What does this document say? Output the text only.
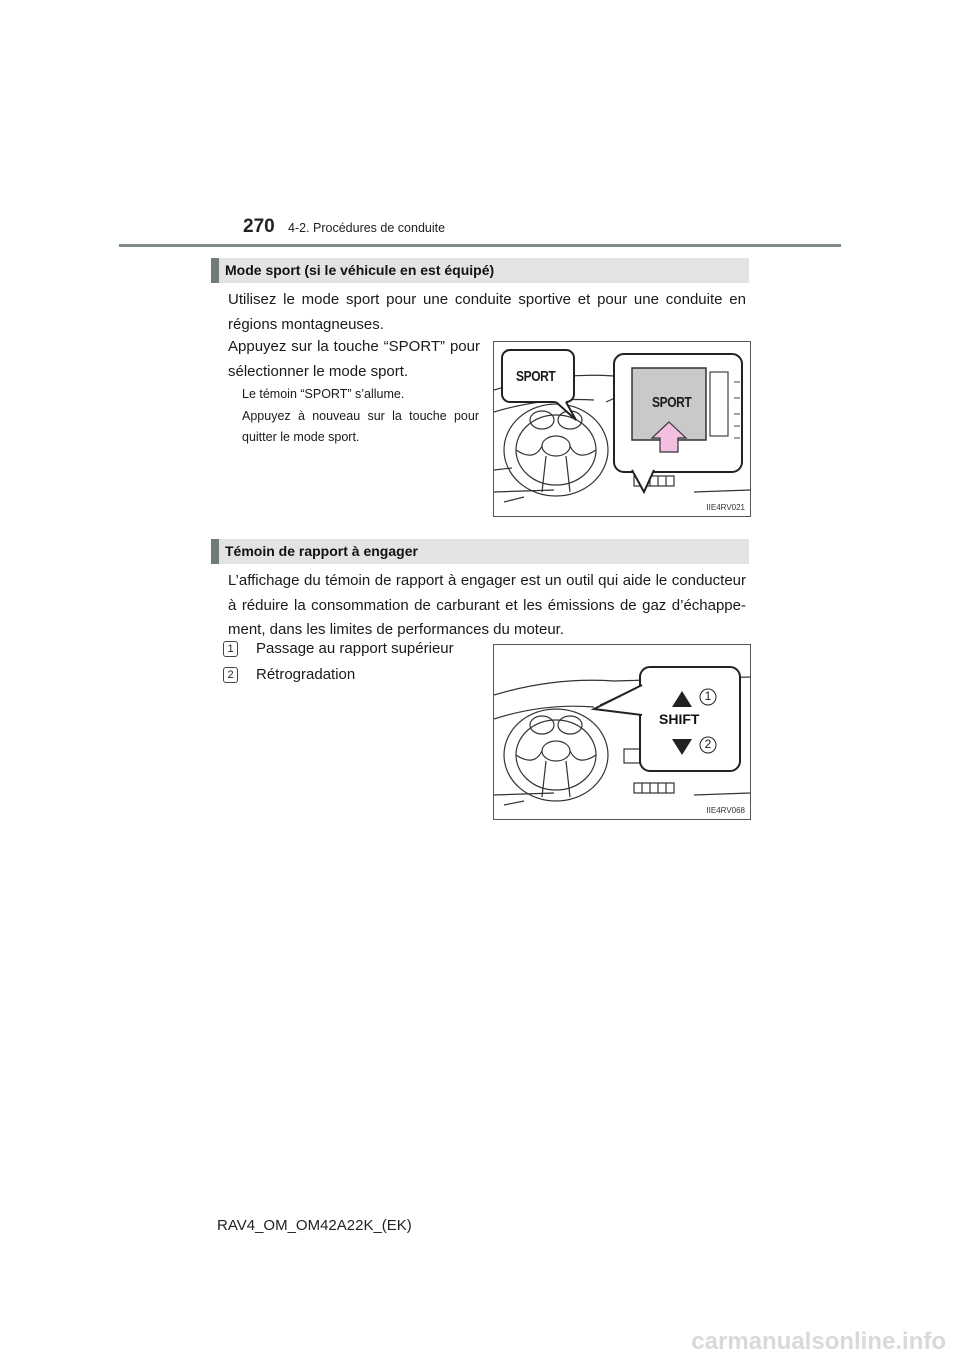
270 4-2. Procédures de conduite
Mode sport (si le véhicule en est équipé)
Utilisez le mode sport pour une conduite sportive et pour une conduite en régions montagneuses.
Appuyez sur la touche “SPORT” pour sélectionner le mode sport.
Le témoin “SPORT” s’allume.
Appuyez à nouveau sur la touche pour quitter le mode sport.
SPORT
SPORT
IIE4RV021
Témoin de rapport à engager
L’affichage du témoin de rapport à engager est un outil qui aide le conducteur à réduire la consommation de carburant et les émissions de gaz d’échappe-ment, dans les limites de performances du moteur.
1 Passage au rapport supérieur
2 Rétrogradation
SHIFT
1
2
IIE4RV068
RAV4_OM_OM42A22K_(EK)
carmanualsonline.info
